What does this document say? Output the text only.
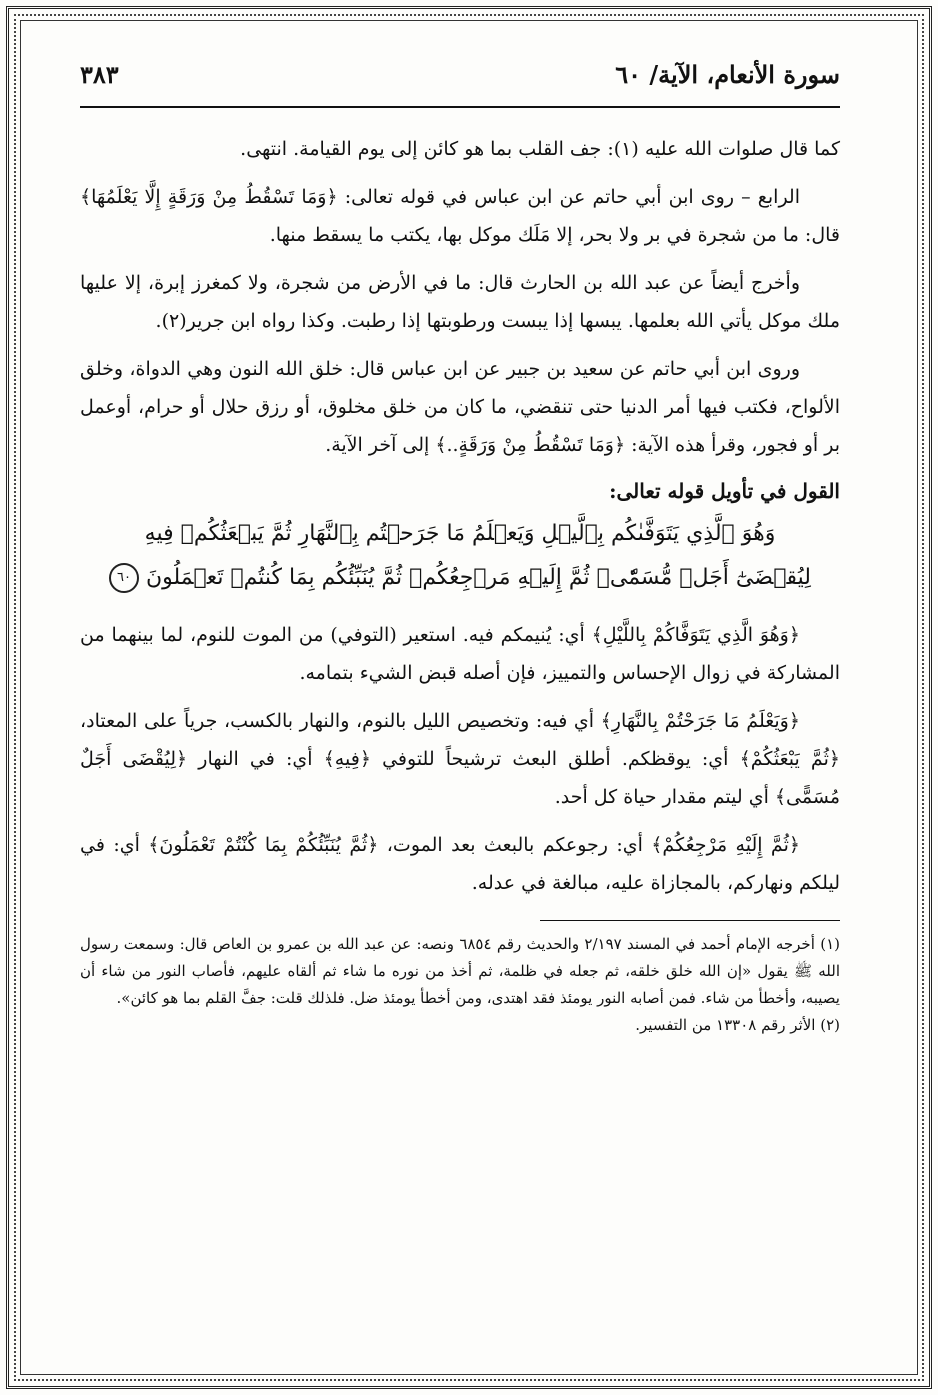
سورة الأنعام، الآية/ ٦٠
٣٨٣

كما قال صلوات الله عليه (١): جف القلب بما هو كائن إلى يوم القيامة. انتهى.

الرابع – روى ابن أبي حاتم عن ابن عباس في قوله تعالى: ﴿وَمَا تَسْقُطُ مِنْ وَرَقَةٍ إِلَّا يَعْلَمُهَا﴾ قال: ما من شجرة في بر ولا بحر، إلا مَلَك موكل بها، يكتب ما يسقط منها.

وأخرج أيضاً عن عبد الله بن الحارث قال: ما في الأرض من شجرة، ولا كمغرز إبرة، إلا عليها ملك موكل يأتي الله بعلمها. يبسها إذا يبست ورطوبتها إذا رطبت. وكذا رواه ابن جرير(٢).

وروى ابن أبي حاتم عن سعيد بن جبير عن ابن عباس قال: خلق الله النون وهي الدواة، وخلق الألواح، فكتب فيها أمر الدنيا حتى تنقضي، ما كان من خلق مخلوق، أو رزق حلال أو حرام، أوعمل بر أو فجور، وقرأ هذه الآية: ﴿وَمَا تَسْقُطُ مِنْ وَرَقَةٍ..﴾ إلى آخر الآية.

القول في تأويل قوله تعالى:
وَهُوَ ٱلَّذِي يَتَوَفَّىٰكُم بِٱلَّيۡلِ وَيَعۡلَمُ مَا جَرَحۡتُم بِٱلنَّهَارِ ثُمَّ يَبۡعَثُكُمۡ فِيهِ
لِيُقۡضَىٰٓ أَجَلٞ مُّسَمّٗىۖ ثُمَّ إِلَيۡهِ مَرۡجِعُكُمۡ ثُمَّ يُنَبِّئُكُم بِمَا كُنتُمۡ تَعۡمَلُونَ ٦٠

﴿وَهُوَ الَّذِي يَتَوَفَّاكُمْ بِاللَّيْلِ﴾ أي: يُنيمكم فيه. استعير (التوفي) من الموت للنوم، لما بينهما من المشاركة في زوال الإحساس والتمييز، فإن أصله قبض الشيء بتمامه.

﴿وَيَعْلَمُ مَا جَرَحْتُمْ بِالنَّهَارِ﴾ أي فيه: وتخصيص الليل بالنوم، والنهار بالكسب، جرياً على المعتاد، ﴿ثُمَّ يَبْعَثُكُمْ﴾ أي: يوقظكم. أطلق البعث ترشيحاً للتوفي ﴿فِيهِ﴾ أي: في النهار ﴿لِيُقْضَى أَجَلٌ مُسَمًّى﴾ أي ليتم مقدار حياة كل أحد.

﴿ثُمَّ إِلَيْهِ مَرْجِعُكُمْ﴾ أي: رجوعكم بالبعث بعد الموت، ﴿ثُمَّ يُنَبِّئُكُمْ بِمَا كُنْتُمْ تَعْمَلُونَ﴾ أي: في ليلكم ونهاركم، بالمجازاة عليه، مبالغة في عدله.

(١) أخرجه الإمام أحمد في المسند ٢/١٩٧ والحديث رقم ٦٨٥٤ ونصه: عن عبد الله بن عمرو بن العاص قال: وسمعت رسول الله ﷺ يقول «إن الله خلق خلقه، ثم جعله في ظلمة، ثم أخذ من نوره ما شاء ثم ألقاه عليهم، فأصاب النور من شاء أن يصيبه، وأخطأ من شاء. فمن أصابه النور يومئذ فقد اهتدى، ومن أخطأ يومئذ ضل. فلذلك قلت: جفَّ القلم بما هو كائن».

(٢) الأثر رقم ١٣٣٠٨ من التفسير.
